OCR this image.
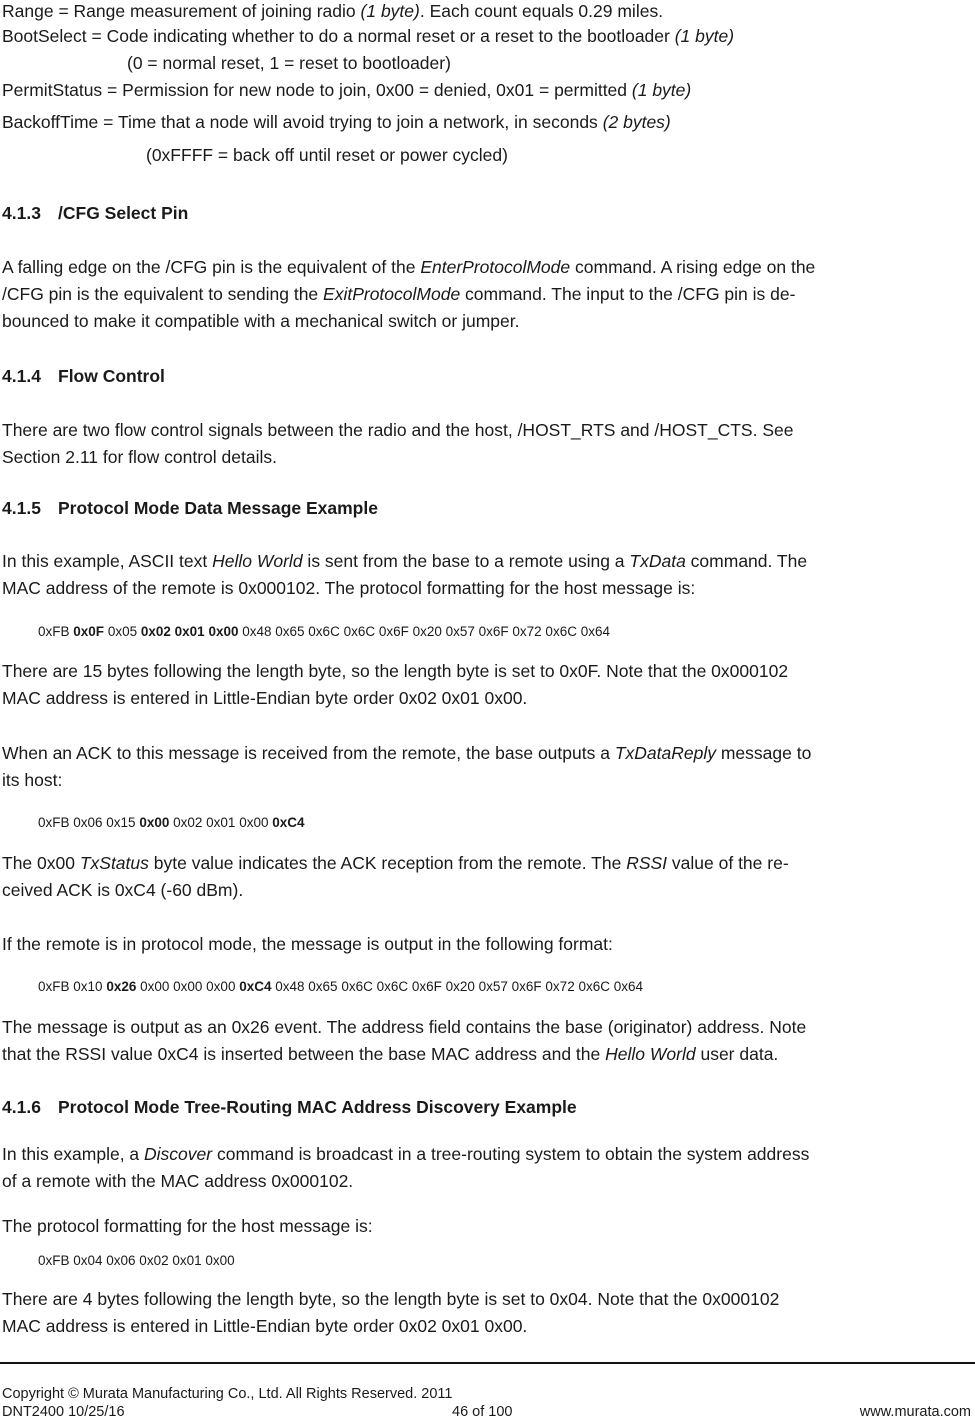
Range = Range measurement of joining radio (1 byte). Each count equals 0.29 miles.
BootSelect = Code indicating whether to do a normal reset or a reset to the bootloader (1 byte)
(0 = normal reset, 1 = reset to bootloader)
PermitStatus = Permission for new node to join, 0x00 = denied, 0x01 = permitted (1 byte)
BackoffTime = Time that a node will avoid trying to join a network, in seconds (2 bytes)
(0xFFFF = back off until reset or power cycled)
4.1.3 /CFG Select Pin
A falling edge on the /CFG pin is the equivalent of the EnterProtocolMode command. A rising edge on the
/CFG pin is the equivalent to sending the ExitProtocolMode command. The input to the /CFG pin is de-
bounced to make it compatible with a mechanical switch or jumper.
4.1.4 Flow Control
There are two flow control signals between the radio and the host, /HOST_RTS and /HOST_CTS. See
Section 2.11 for flow control details.
4.1.5 Protocol Mode Data Message Example
In this example, ASCII text Hello World is sent from the base to a remote using a TxData command. The
MAC address of the remote is 0x000102. The protocol formatting for the host message is:
0xFB 0x0F 0x05 0x02 0x01 0x00 0x48 0x65 0x6C 0x6C 0x6F 0x20 0x57 0x6F 0x72 0x6C 0x64
There are 15 bytes following the length byte, so the length byte is set to 0x0F. Note that the 0x000102
MAC address is entered in Little-Endian byte order 0x02 0x01 0x00.
When an ACK to this message is received from the remote, the base outputs a TxDataReply message to
its host:
0xFB 0x06 0x15 0x00 0x02 0x01 0x00 0xC4
The 0x00 TxStatus byte value indicates the ACK reception from the remote. The RSSI value of the re-
ceived ACK is 0xC4 (-60 dBm).
If the remote is in protocol mode, the message is output in the following format:
0xFB 0x10 0x26 0x00 0x00 0x00 0xC4 0x48 0x65 0x6C 0x6C 0x6F 0x20 0x57 0x6F 0x72 0x6C 0x64
The message is output as an 0x26 event. The address field contains the base (originator) address. Note
that the RSSI value 0xC4 is inserted between the base MAC address and the Hello World user data.
4.1.6 Protocol Mode Tree-Routing MAC Address Discovery Example
In this example, a Discover command is broadcast in a tree-routing system to obtain the system address
of a remote with the MAC address 0x000102.
The protocol formatting for the host message is:
0xFB 0x04 0x06 0x02 0x01 0x00
There are 4 bytes following the length byte, so the length byte is set to 0x04. Note that the 0x000102
MAC address is entered in Little-Endian byte order 0x02 0x01 0x00.
Copyright © Murata Manufacturing Co., Ltd. All Rights Reserved. 2011
DNT2400 10/25/16	46 of 100	www.murata.com
